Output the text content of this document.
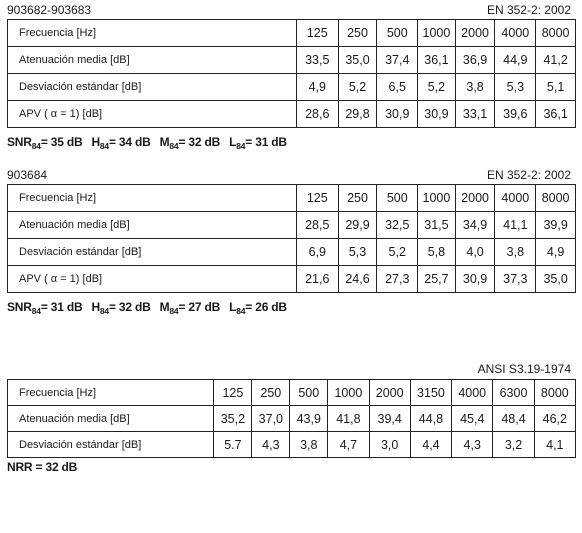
903682-903683	EN 352-2: 2002
Frecuencia [Hz]	125	250	500	1000	2000	4000	8000
Atenuación media [dB]	33,5	35,0	37,4	36,1	36,9	44,9	41,2
Desviación estándar [dB]	4,9	5,2	6,5	5,2	3,8	5,3	5,1
APV ( α = 1) [dB]	28,6	29,8	30,9	30,9	33,1	39,6	36,1
$SNR_{84}= 35$ dB $H_{84}= 34$ dB $M_{84}= 32$ dB $L_{84}= 31$ dB
903684	EN 352-2: 2002
Frecuencia [Hz]	125	250	500	1000	2000	4000	8000
Atenuación media [dB]	28,5	29,9	32,5	31,5	34,9	41,1	39,9
Desviación estándar [dB]	6,9	5,3	5,2	5,8	4,0	3,8	4,9
APV ( α = 1) [dB]	21,6	24,6	27,3	25,7	30,9	37,3	35,0
$SNR_{84}= 31$ dB $H_{84}= 32$ dB $M_{84}= 27$ dB $L_{84}= 26$ dB
ANSI S3.19-1974
Frecuencia [Hz]	125	250	500	1000	2000	3150	4000	6300	8000
Atenuación media [dB]	35,2	37,0	43,9	41,8	39,4	44,8	45,4	48,4	46,2
Desviación estándar [dB]	5.7	4,3	3,8	4,7	3,0	4,4	4,3	3,2	4,1
NRR = 32 dB
